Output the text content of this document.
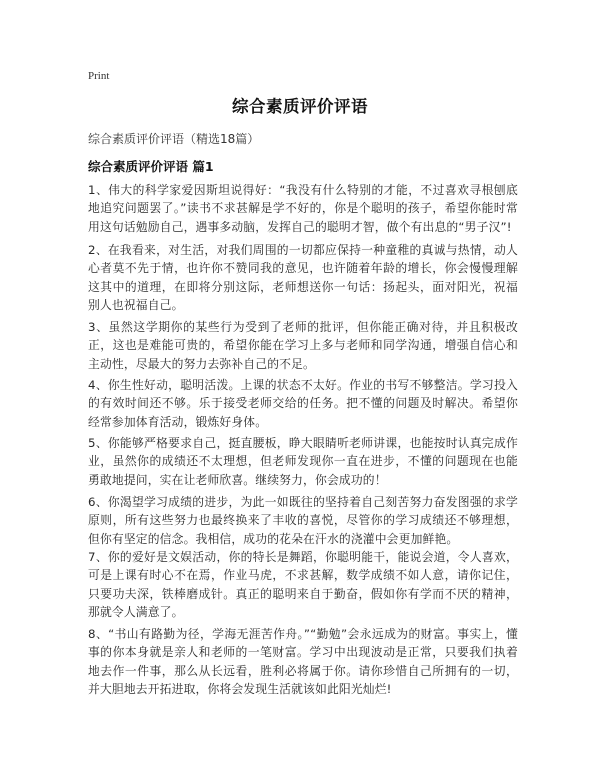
Print
综合素质评价评语

综合素质评价评语（精选18篇）

综合素质评价评语 篇1

1、伟大的科学家爱因斯坦说得好：“我没有什么特别的才能，不过喜欢寻根刨底地追究问题罢了。”读书不求甚解是学不好的，你是个聪明的孩子，希望你能时常用这句话勉励自己，遇事多动脑，发挥自己的聪明才智，做个有出息的“男子汉”!

2、在我看来，对生活，对我们周围的一切都应保持一种童稚的真诚与热情，动人心者莫不先于情，也许你不赞同我的意见，也许随着年龄的增长，你会慢慢理解这其中的道理，在即将分别这际，老师想送你一句话：扬起头，面对阳光，祝福别人也祝福自己。

3、虽然这学期你的某些行为受到了老师的批评，但你能正确对待，并且积极改正，这也是难能可贵的，希望你能在学习上多与老师和同学沟通，增强自信心和主动性，尽最大的努力去弥补自己的不足。

4、你生性好动，聪明活泼。上课的状态不太好。作业的书写不够整洁。学习投入的有效时间还不够。乐于接受老师交给的任务。把不懂的问题及时解决。希望你经常参加体育活动，锻炼好身体。

5、你能够严格要求自己，挺直腰板，睁大眼睛听老师讲课，也能按时认真完成作业，虽然你的成绩还不太理想，但老师发现你一直在进步，不懂的问题现在也能勇敢地提问，实在让老师欣喜。继续努力，你会成功的！

6、你渴望学习成绩的进步，为此一如既往的坚持着自己刻苦努力奋发图强的求学原则，所有这些努力也最终换来了丰收的喜悦，尽管你的学习成绩还不够理想，但你有坚定的信念。我相信，成功的花朵在汗水的浇灌中会更加鲜艳。

7、你的爱好是文娱活动，你的特长是舞蹈，你聪明能干，能说会道，令人喜欢，可是上课有时心不在焉，作业马虎，不求甚解，数学成绩不如人意，请你记住，只要功夫深，铁棒磨成针。真正的聪明来自于勤奋，假如你有学而不厌的精神，那就令人满意了。

8、“书山有路勤为径，学海无涯苦作舟。”“勤勉”会永远成为的财富。事实上，懂事的你本身就是亲人和老师的一笔财富。学习中出现波动是正常，只要我们执着地去作一件事，那么从长远看，胜利必将属于你。请你珍惜自己所拥有的一切，并大胆地去开拓进取，你将会发现生活就该如此阳光灿烂!
